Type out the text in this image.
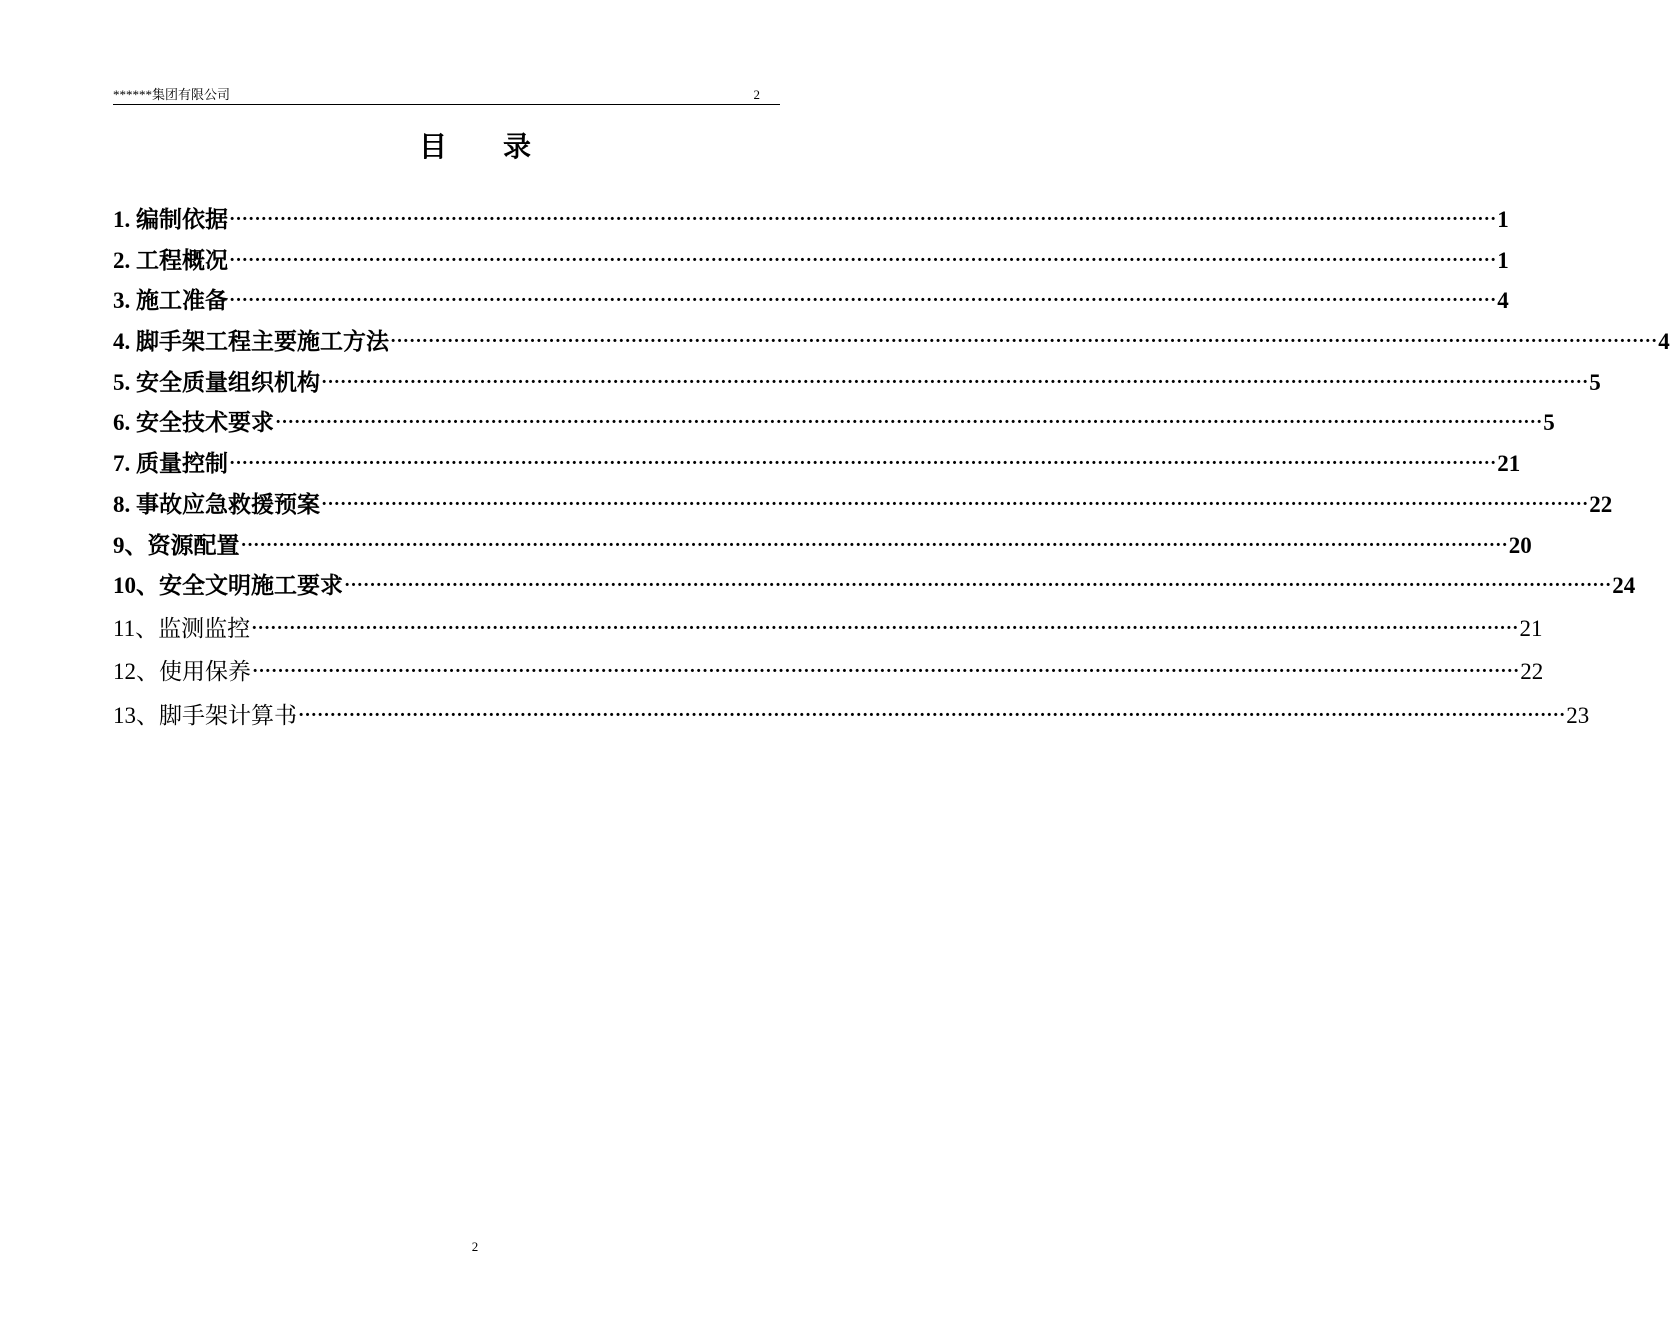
******集团有限公司	2
目 录
1. 编制依据 ········································································································································································································ 1
2. 工程概况 ········································································································································································································ 1
3. 施工准备 ········································································································································································································ 4
4. 脚手架工程主要施工方法 ········································································································································································································ 4
5. 安全质量组织机构 ········································································································································································································ 5
6. 安全技术要求 ········································································································································································································ 5
7. 质量控制 ········································································································································································································ 21
8. 事故应急救援预案 ········································································································································································································ 22
9、资源配置 ········································································································································································································ 20
10、安全文明施工要求 ········································································································································································································ 24
11、监测监控 ········································································································································································································ 21
12、使用保养 ········································································································································································································ 22
13、脚手架计算书 ········································································································································································································ 23
2
